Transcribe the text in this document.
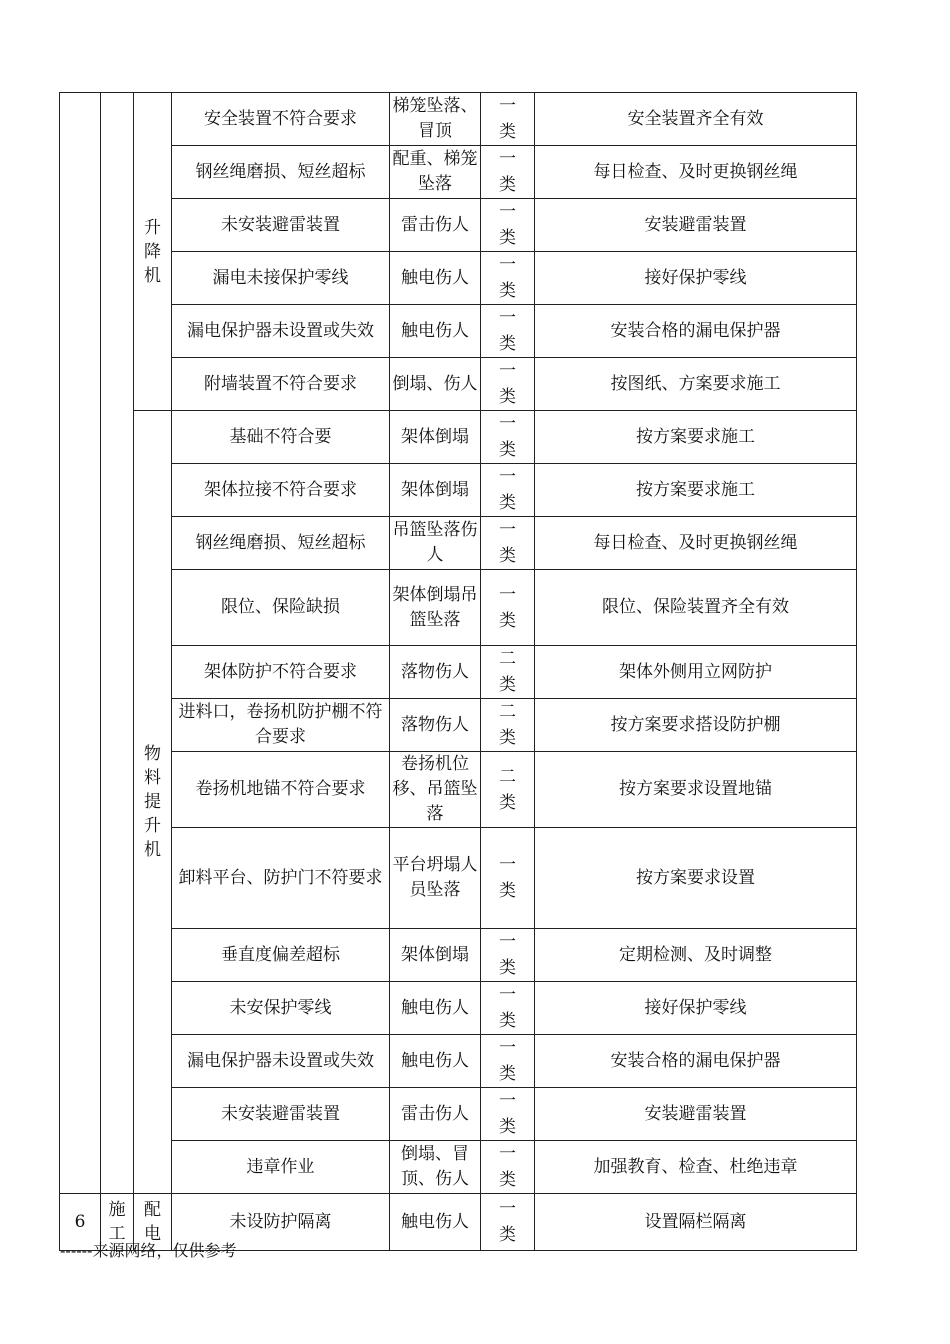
		升降机	安全装置不符合要求	梯笼坠落、冒顶	一类	安全装置齐全有效
			钢丝绳磨损、短丝超标	配重、梯笼坠落	一类	每日检查、及时更换钢丝绳
			未安装避雷装置	雷击伤人	一类	安装避雷装置
			漏电未接保护零线	触电伤人	一类	接好保护零线
			漏电保护器未设置或失效	触电伤人	一类	安装合格的漏电保护器
			附墙装置不符合要求	倒塌、伤人	一类	按图纸、方案要求施工

		物料提升机	基础不符合要	架体倒塌	一类	按方案要求施工
			架体拉接不符合要求	架体倒塌	一类	按方案要求施工
			钢丝绳磨损、短丝超标	吊篮坠落伤人	一类	每日检查、及时更换钢丝绳
			限位、保险缺损	架体倒塌吊篮坠落	一类	限位、保险装置齐全有效
			架体防护不符合要求	落物伤人	二类	架体外侧用立网防护
			进料口，卷扬机防护棚不符合要求	落物伤人	二类	按方案要求搭设防护棚
			卷扬机地锚不符合要求	卷扬机位移、吊篮坠落	二类	按方案要求设置地锚
			卸料平台、防护门不符要求	平台坍塌人员坠落	一类	按方案要求设置
			垂直度偏差超标	架体倒塌	一类	定期检测、及时调整
			未安保护零线	触电伤人	一类	接好保护零线
			漏电保护器未设置或失效	触电伤人	一类	安装合格的漏电保护器
			未安装避雷装置	雷击伤人	一类	安装避雷装置
			违章作业	倒塌、冒顶、伤人	一类	加强教育、检查、杜绝违章
6	施工	配电	未设防护隔离	触电伤人	一类	设置隔栏隔离
------来源网络，仅供参考
